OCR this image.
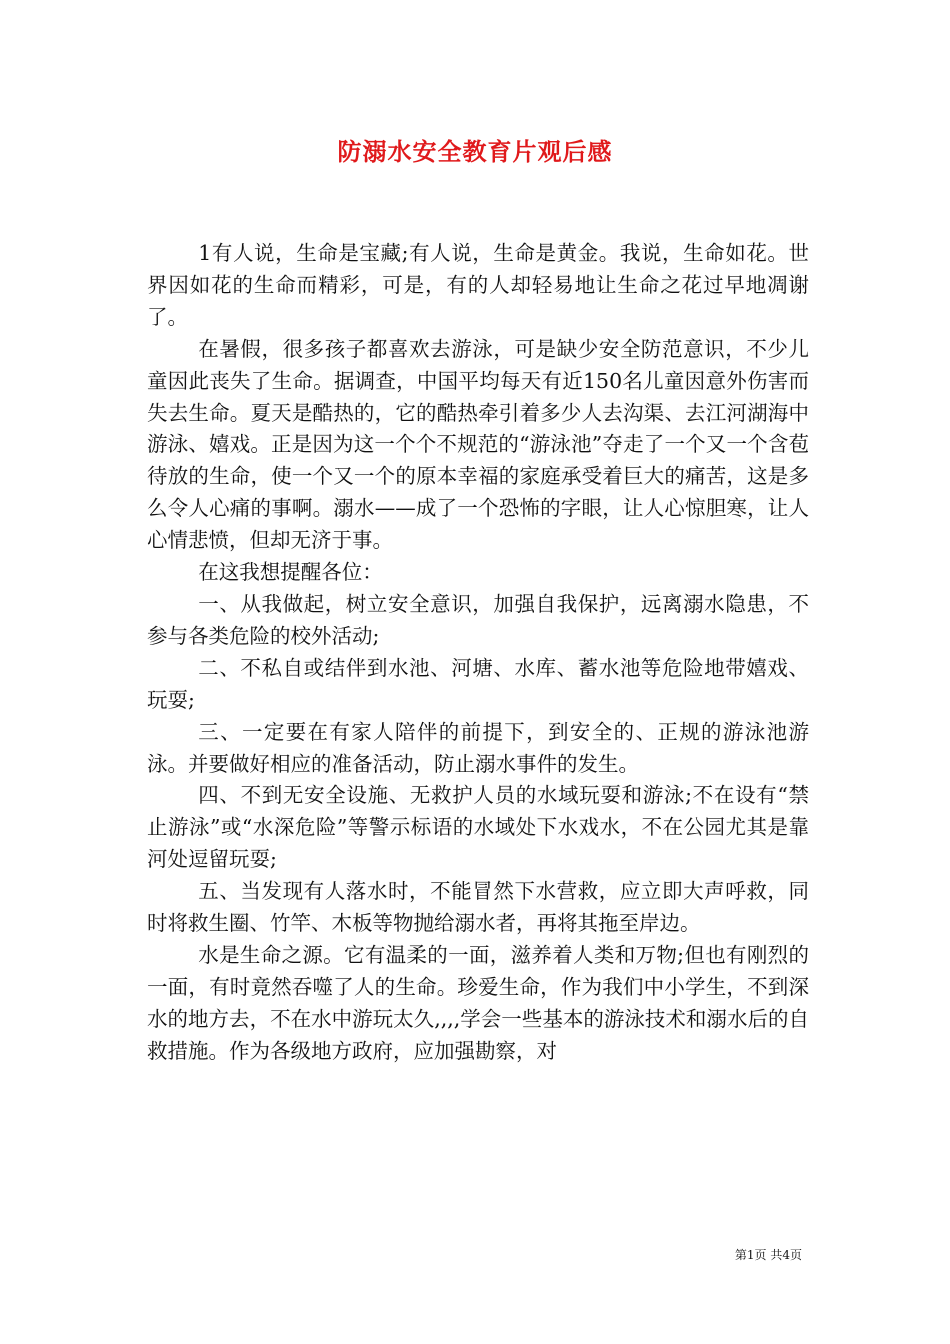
防溺水安全教育片观后感

1有人说，生命是宝藏;有人说，生命是黄金。我说，生命如花。世界因如花的生命而精彩，可是，有的人却轻易地让生命之花过早地凋谢了。

在暑假，很多孩子都喜欢去游泳，可是缺少安全防范意识，不少儿童因此丧失了生命。据调查，中国平均每天有近150名儿童因意外伤害而失去生命。夏天是酷热的，它的酷热牵引着多少人去沟渠、去江河湖海中游泳、嬉戏。正是因为这一个个不规范的“游泳池”夺走了一个又一个含苞待放的生命，使一个又一个的原本幸福的家庭承受着巨大的痛苦，这是多么令人心痛的事啊。溺水——成了一个恐怖的字眼，让人心惊胆寒，让人心情悲愤，但却无济于事。

在这我想提醒各位：

一、从我做起，树立安全意识，加强自我保护，远离溺水隐患，不参与各类危险的校外活动;

二、不私自或结伴到水池、河塘、水库、蓄水池等危险地带嬉戏、玩耍;

三、一定要在有家人陪伴的前提下，到安全的、正规的游泳池游泳。并要做好相应的准备活动，防止溺水事件的发生。

四、不到无安全设施、无救护人员的水域玩耍和游泳;不在设有“禁止游泳”或“水深危险”等警示标语的水域处下水戏水，不在公园尤其是靠河处逗留玩耍;

五、当发现有人落水时，不能冒然下水营救，应立即大声呼救，同时将救生圈、竹竿、木板等物抛给溺水者，再将其拖至岸边。

水是生命之源。它有温柔的一面，滋养着人类和万物;但也有刚烈的一面，有时竟然吞噬了人的生命。珍爱生命，作为我们中小学生，不到深水的地方去，不在水中游玩太久,,,,学会一些基本的游泳技术和溺水后的自救措施。作为各级地方政府，应加强勘察，对

第1页 共4页
